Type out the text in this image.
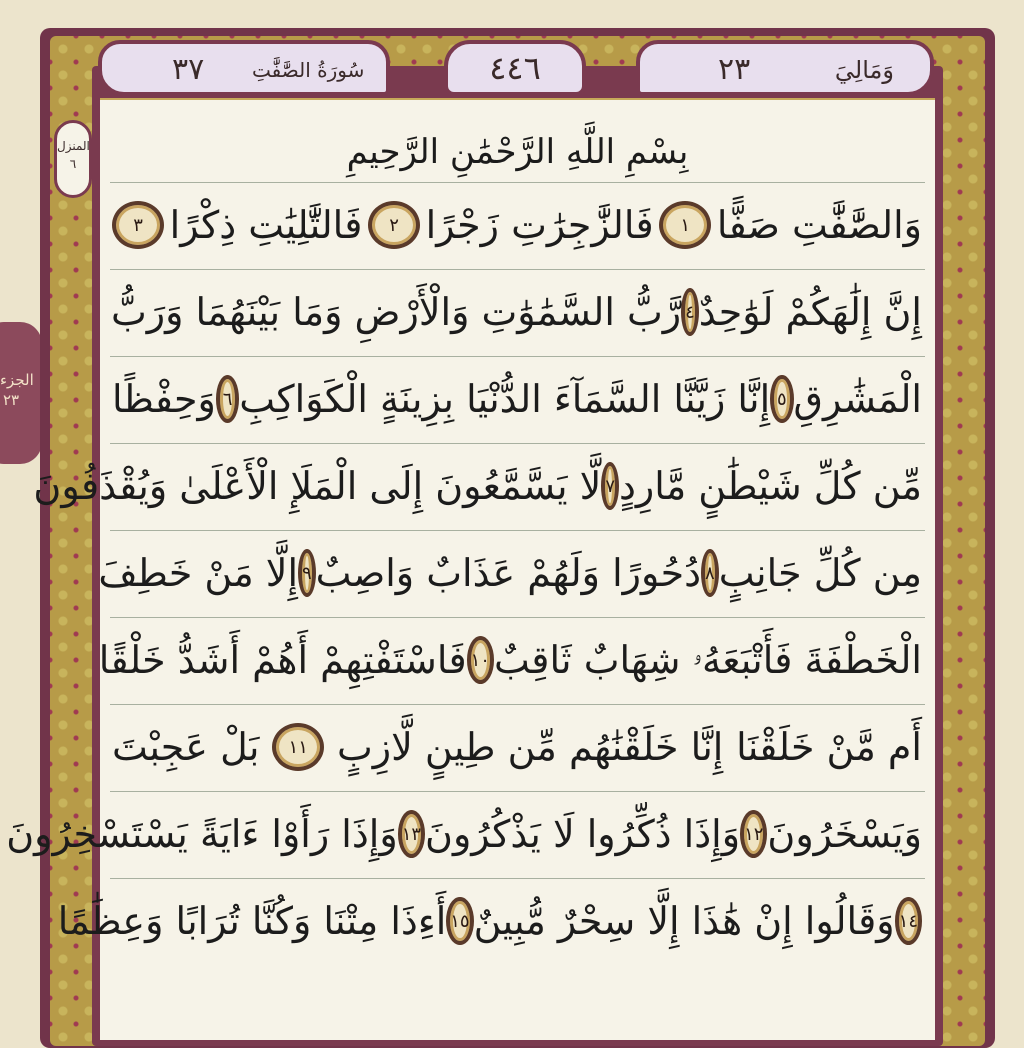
الجزء
٢٣
٣٧ سُورَةُ الصَّٰفَّٰتِ	٤٤٦	٢٣	وَمَالِيَ
المنزل
٦	بِسْمِ اللَّهِ الرَّحْمَٰنِ الرَّحِيمِ
وَالصَّٰفَّٰتِ صَفًّا
١
فَالزَّٰجِرَٰتِ زَجْرًا
٢
فَالتَّٰلِيَٰتِ ذِكْرًا
٣
إِنَّ إِلَٰهَكُمْ لَوَٰحِدٌ
٤
رَّبُّ السَّمَٰوَٰتِ وَالْأَرْضِ وَمَا بَيْنَهُمَا وَرَبُّ
الْمَشَٰرِقِ
٥
إِنَّا زَيَّنَّا السَّمَآءَ الدُّنْيَا بِزِينَةٍ الْكَوَاكِبِ
٦
وَحِفْظًا
مِّن كُلِّ شَيْطَٰنٍ مَّارِدٍ
٧
لَّا يَسَّمَّعُونَ إِلَى الْمَلَإِ الْأَعْلَىٰ وَيُقْذَفُونَ
مِن كُلِّ جَانِبٍ
٨
دُحُورًا وَلَهُمْ عَذَابٌ وَاصِبٌ
٩
إِلَّا مَنْ خَطِفَ
الْخَطْفَةَ فَأَتْبَعَهُۥ شِهَابٌ ثَاقِبٌ
١٠
فَاسْتَفْتِهِمْ أَهُمْ أَشَدُّ خَلْقًا
أَم مَّنْ خَلَقْنَا
إِنَّا خَلَقْنَٰهُم مِّن طِينٍ لَّازِبٍ
١١
بَلْ عَجِبْتَ
وَيَسْخَرُونَ
١٢
وَإِذَا ذُكِّرُوا لَا يَذْكُرُونَ
١٣
وَإِذَا رَأَوْا ءَايَةً يَسْتَسْخِرُونَ
١٤
وَقَالُوا إِنْ هَٰذَا إِلَّا سِحْرٌ مُّبِينٌ
١٥
أَءِذَا مِتْنَا وَكُنَّا تُرَابًا وَعِظَٰمًا
